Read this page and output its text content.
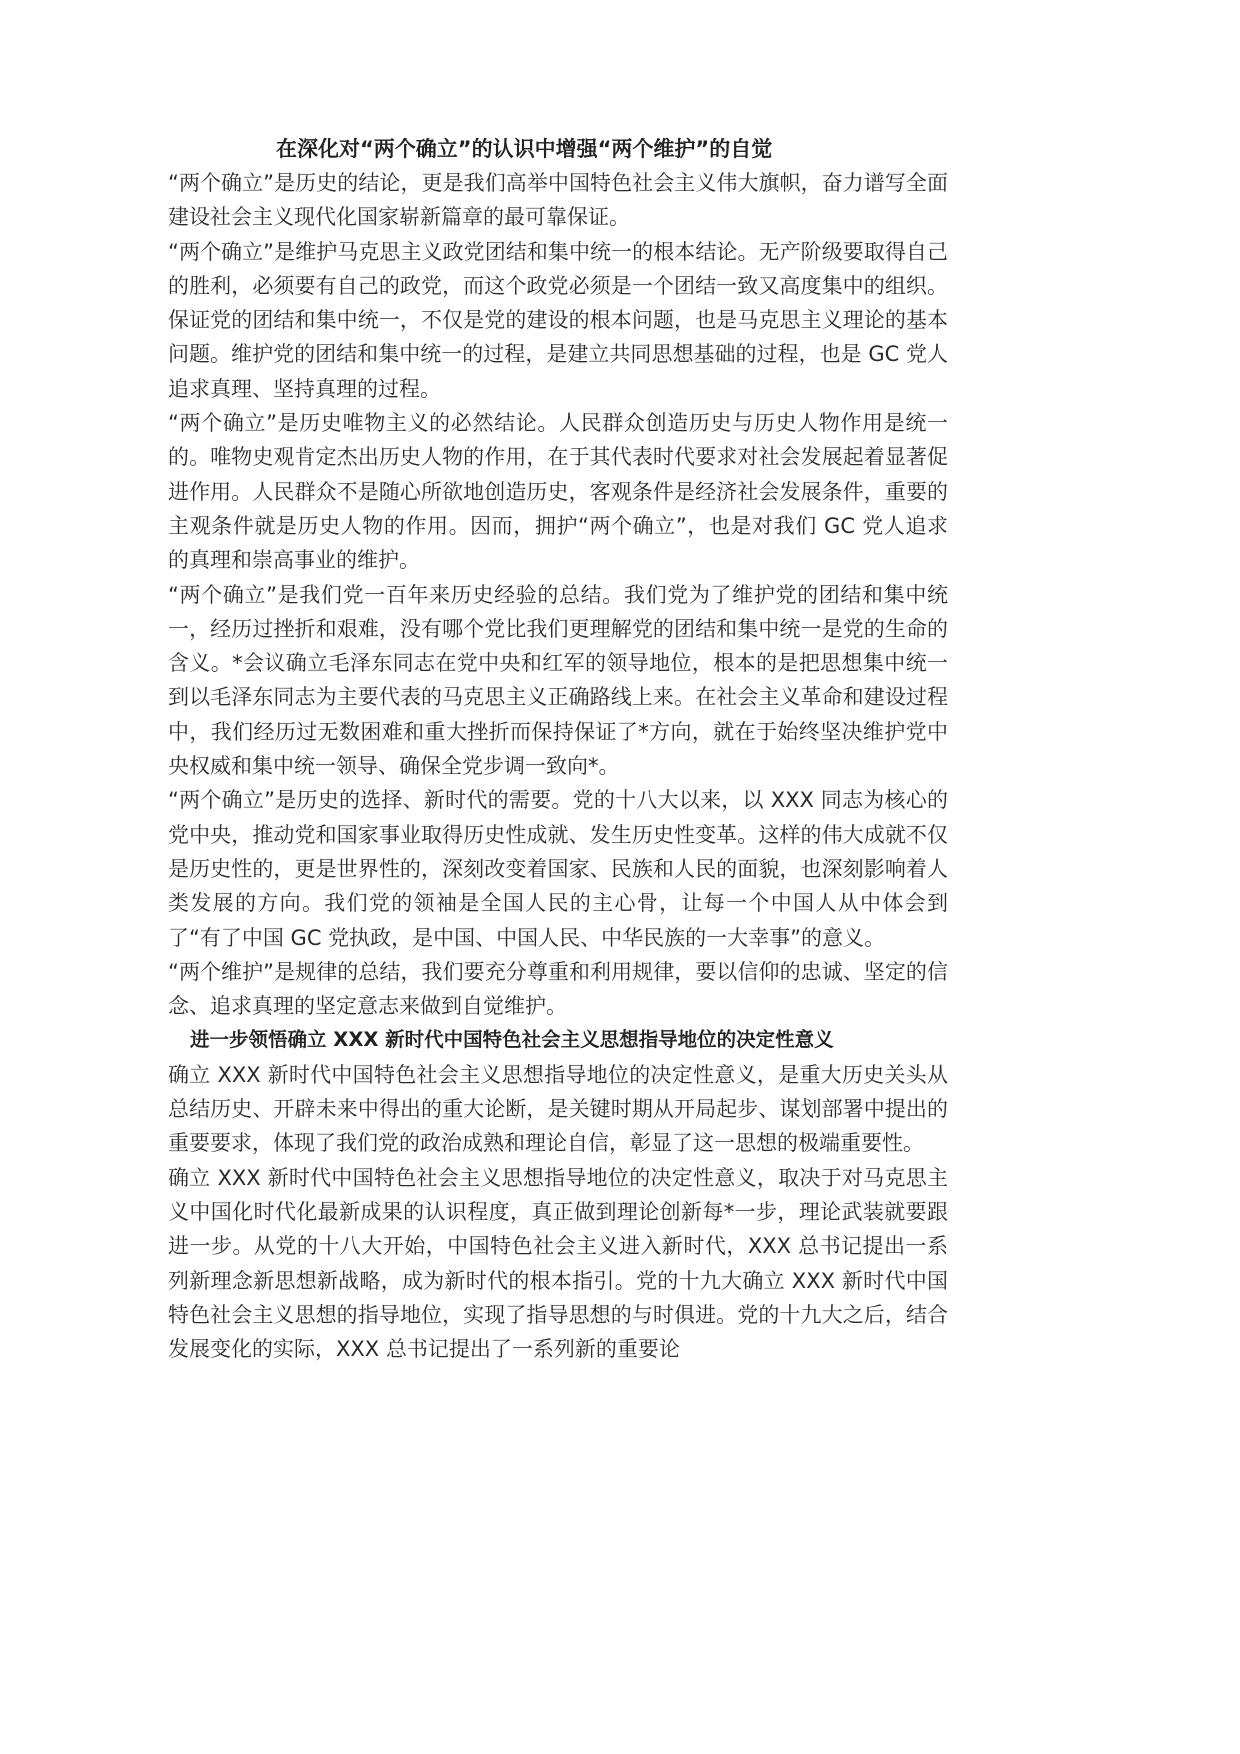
在深化对“两个确立”的认识中增强“两个维护”的自觉

“两个确立”是历史的结论，更是我们高举中国特色社会主义伟大旗帜，奋力谱写全面建设社会主义现代化国家崭新篇章的最可靠保证。

“两个确立”是维护马克思主义政党团结和集中统一的根本结论。无产阶级要取得自己的胜利，必须要有自己的政党，而这个政党必须是一个团结一致又高度集中的组织。保证党的团结和集中统一，不仅是党的建设的根本问题，也是马克思主义理论的基本问题。维护党的团结和集中统一的过程，是建立共同思想基础的过程，也是 GC 党人追求真理、坚持真理的过程。

“两个确立”是历史唯物主义的必然结论。人民群众创造历史与历史人物作用是统一的。唯物史观肯定杰出历史人物的作用，在于其代表时代要求对社会发展起着显著促进作用。人民群众不是随心所欲地创造历史，客观条件是经济社会发展条件，重要的主观条件就是历史人物的作用。因而，拥护“两个确立”，也是对我们 GC 党人追求的真理和崇高事业的维护。

“两个确立”是我们党一百年来历史经验的总结。我们党为了维护党的团结和集中统一，经历过挫折和艰难，没有哪个党比我们更理解党的团结和集中统一是党的生命的含义。*会议确立毛泽东同志在党中央和红军的领导地位，根本的是把思想集中统一到以毛泽东同志为主要代表的马克思主义正确路线上来。在社会主义革命和建设过程中，我们经历过无数困难和重大挫折而保持保证了*方向，就在于始终坚决维护党中央权威和集中统一领导、确保全党步调一致向*。

“两个确立”是历史的选择、新时代的需要。党的十八大以来，以 XXX 同志为核心的党中央，推动党和国家事业取得历史性成就、发生历史性变革。这样的伟大成就不仅是历史性的，更是世界性的，深刻改变着国家、民族和人民的面貌，也深刻影响着人类发展的方向。我们党的领袖是全国人民的主心骨，让每一个中国人从中体会到了“有了中国 GC 党执政，是中国、中国人民、中华民族的一大幸事”的意义。

“两个维护”是规律的总结，我们要充分尊重和利用规律，要以信仰的忠诚、坚定的信念、追求真理的坚定意志来做到自觉维护。

进一步领悟确立 XXX 新时代中国特色社会主义思想指导地位的决定性意义

确立 XXX 新时代中国特色社会主义思想指导地位的决定性意义，是重大历史关头从总结历史、开辟未来中得出的重大论断，是关键时期从开局起步、谋划部署中提出的重要要求，体现了我们党的政治成熟和理论自信，彰显了这一思想的极端重要性。

确立 XXX 新时代中国特色社会主义思想指导地位的决定性意义，取决于对马克思主义中国化时代化最新成果的认识程度，真正做到理论创新每*一步，理论武装就要跟进一步。从党的十八大开始，中国特色社会主义进入新时代，XXX 总书记提出一系列新理念新思想新战略，成为新时代的根本指引。党的十九大确立 XXX 新时代中国特色社会主义思想的指导地位，实现了指导思想的与时俱进。党的十九大之后，结合发展变化的实际，XXX 总书记提出了一系列新的重要论
